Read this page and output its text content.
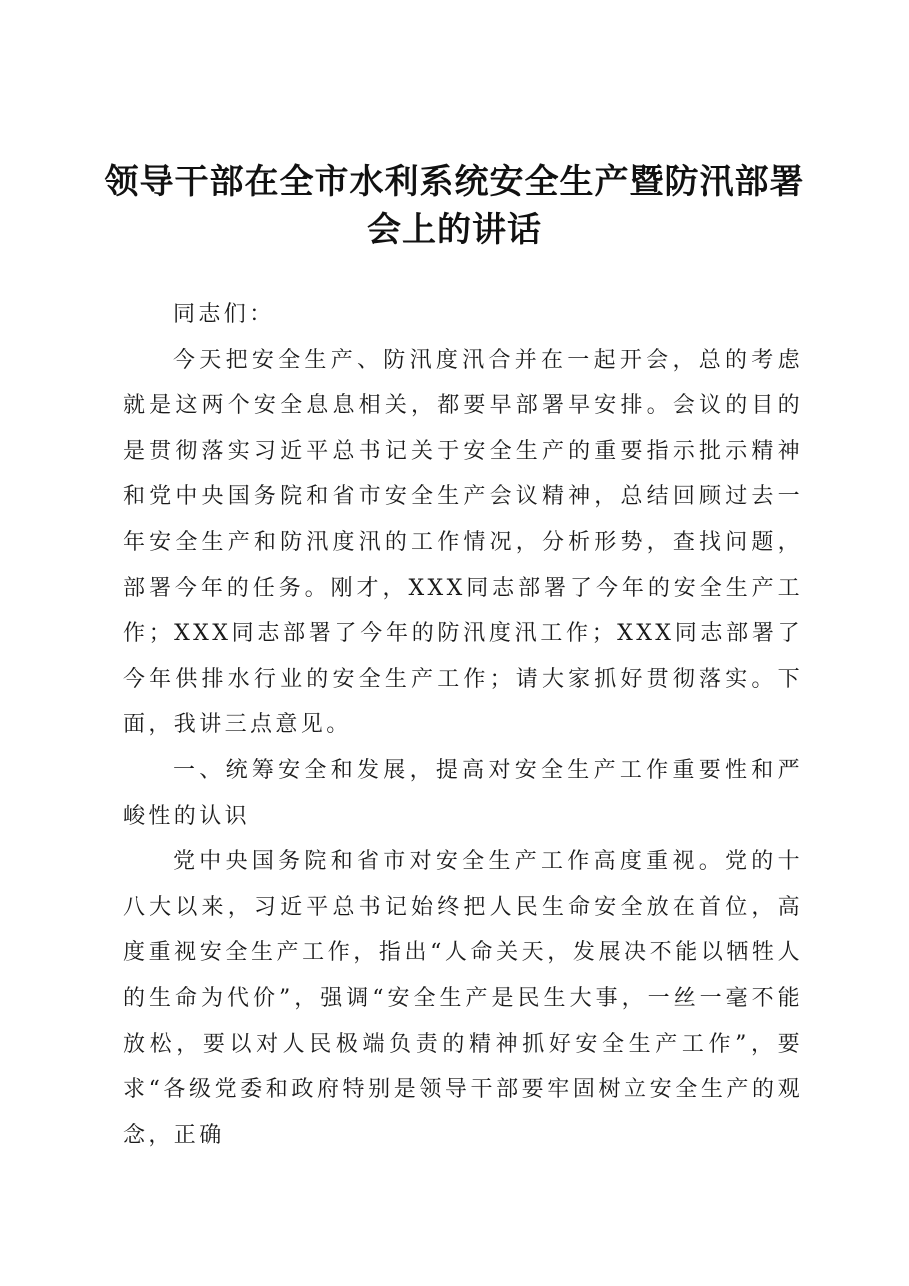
领导干部在全市水利系统安全生产暨防汛部署会上的讲话

同志们：

今天把安全生产、防汛度汛合并在一起开会，总的考虑就是这两个安全息息相关，都要早部署早安排。会议的目的是贯彻落实习近平总书记关于安全生产的重要指示批示精神和党中央国务院和省市安全生产会议精神，总结回顾过去一年安全生产和防汛度汛的工作情况，分析形势，查找问题，部署今年的任务。刚才，XXX同志部署了今年的安全生产工作；XXX同志部署了今年的防汛度汛工作；XXX同志部署了今年供排水行业的安全生产工作；请大家抓好贯彻落实。下面，我讲三点意见。

一、统筹安全和发展，提高对安全生产工作重要性和严峻性的认识

党中央国务院和省市对安全生产工作高度重视。党的十八大以来，习近平总书记始终把人民生命安全放在首位，高度重视安全生产工作，指出“人命关天，发展决不能以牺牲人的生命为代价”，强调“安全生产是民生大事，一丝一毫不能放松，要以对人民极端负责的精神抓好安全生产工作”，要求“各级党委和政府特别是领导干部要牢固树立安全生产的观念，正确
